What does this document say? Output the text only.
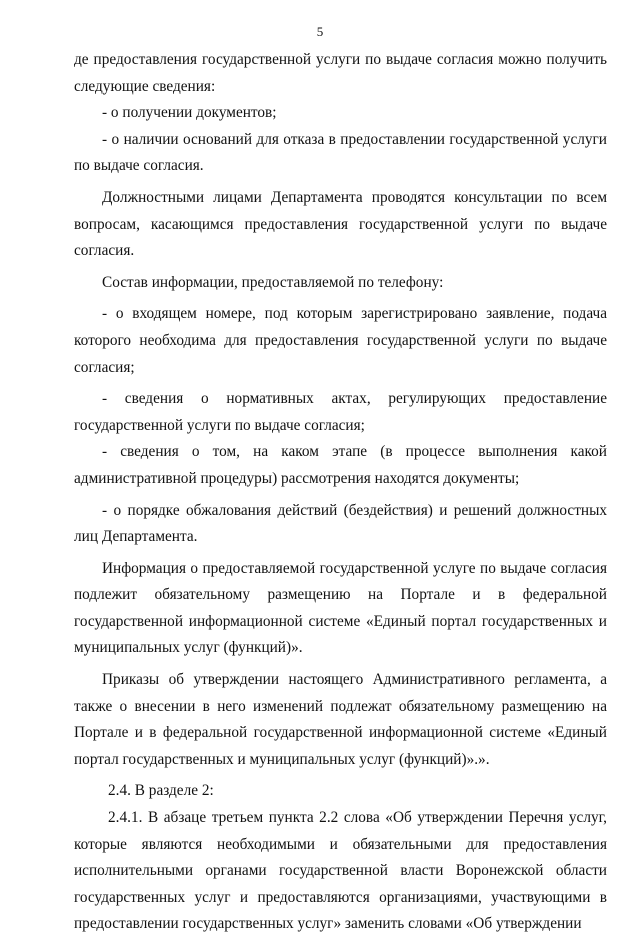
5

де предоставления государственной услуги по выдаче согласия можно получить следующие сведения:

- о получении документов;

- о наличии оснований для отказа в предоставлении государственной услуги по выдаче согласия.

Должностными лицами Департамента проводятся консультации по всем вопросам, касающимся предоставления государственной услуги по выдаче согласия.

Состав информации, предоставляемой по телефону:

- о входящем номере, под которым зарегистрировано заявление, подача которого необходима для предоставления государственной услуги по выдаче согласия;

- сведения о нормативных актах, регулирующих предоставление государственной услуги по выдаче согласия;

- сведения о том, на каком этапе (в процессе выполнения какой административной процедуры) рассмотрения находятся документы;

- о порядке обжалования действий (бездействия) и решений должностных лиц Департамента.

Информация о предоставляемой государственной услуге по выдаче согласия подлежит обязательному размещению на Портале и в федеральной государственной информационной системе «Единый портал государственных и муниципальных услуг (функций)».

Приказы об утверждении настоящего Административного регламента, а также о внесении в него изменений подлежат обязательному размещению на Портале и в федеральной государственной информационной системе «Единый портал государственных и муниципальных услуг (функций)».».

2.4. В разделе 2:

2.4.1. В абзаце третьем пункта 2.2 слова «Об утверждении Перечня услуг, которые являются необходимыми и обязательными для предоставления исполнительными органами государственной власти Воронежской области государственных услуг и предоставляются организациями, участвующими в предоставлении государственных услуг» заменить словами «Об утверждении
